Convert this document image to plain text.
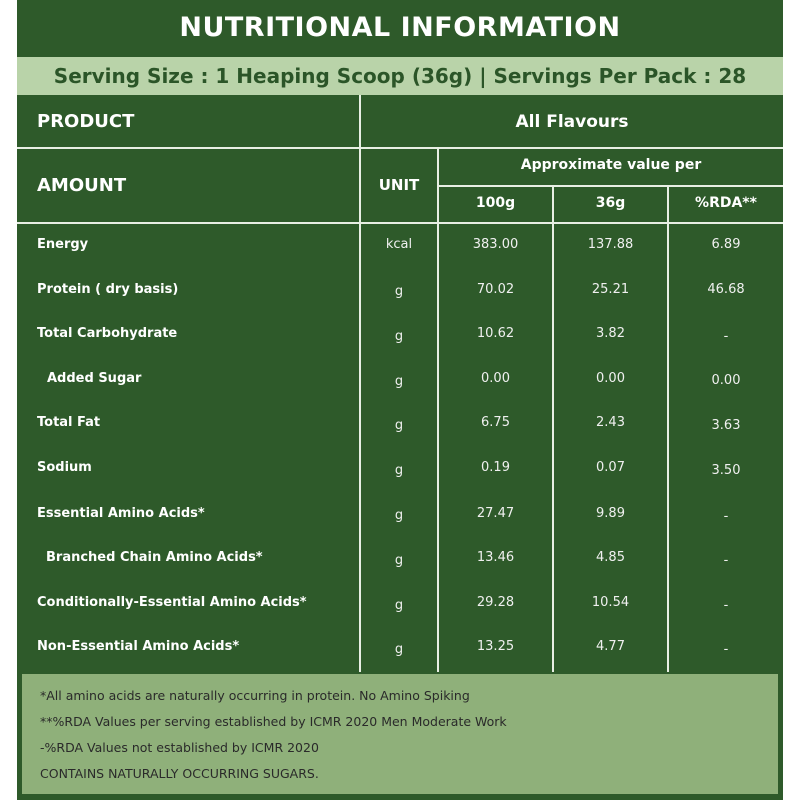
NUTRITIONAL INFORMATION
Serving Size : 1 Heaping Scoop (36g) | Servings Per Pack : 28
PRODUCT	All Flavours
AMOUNT	UNIT
Approximate value per
100g	36g	%RDA**
Energy	kcal	383.00	137.88	6.89
Protein ( dry basis)	g	70.02	25.21	46.68
Total Carbohydrate	g	10.62	3.82	-
Added Sugar	g	0.00	0.00	0.00
Total Fat	g	6.75	2.43	3.63
Sodium	g	0.19	0.07	3.50
Essential Amino Acids*	g	27.47	9.89	-
Branched Chain Amino Acids*	g	13.46	4.85	-
Conditionally-Essential Amino Acids*	g	29.28	10.54	-
Non-Essential Amino Acids*	g	13.25	4.77	-
*All amino acids are naturally occurring in protein. No Amino Spiking
**%RDA Values per serving established by ICMR 2020 Men Moderate Work
-%RDA Values not established by ICMR 2020
CONTAINS NATURALLY OCCURRING SUGARS.
